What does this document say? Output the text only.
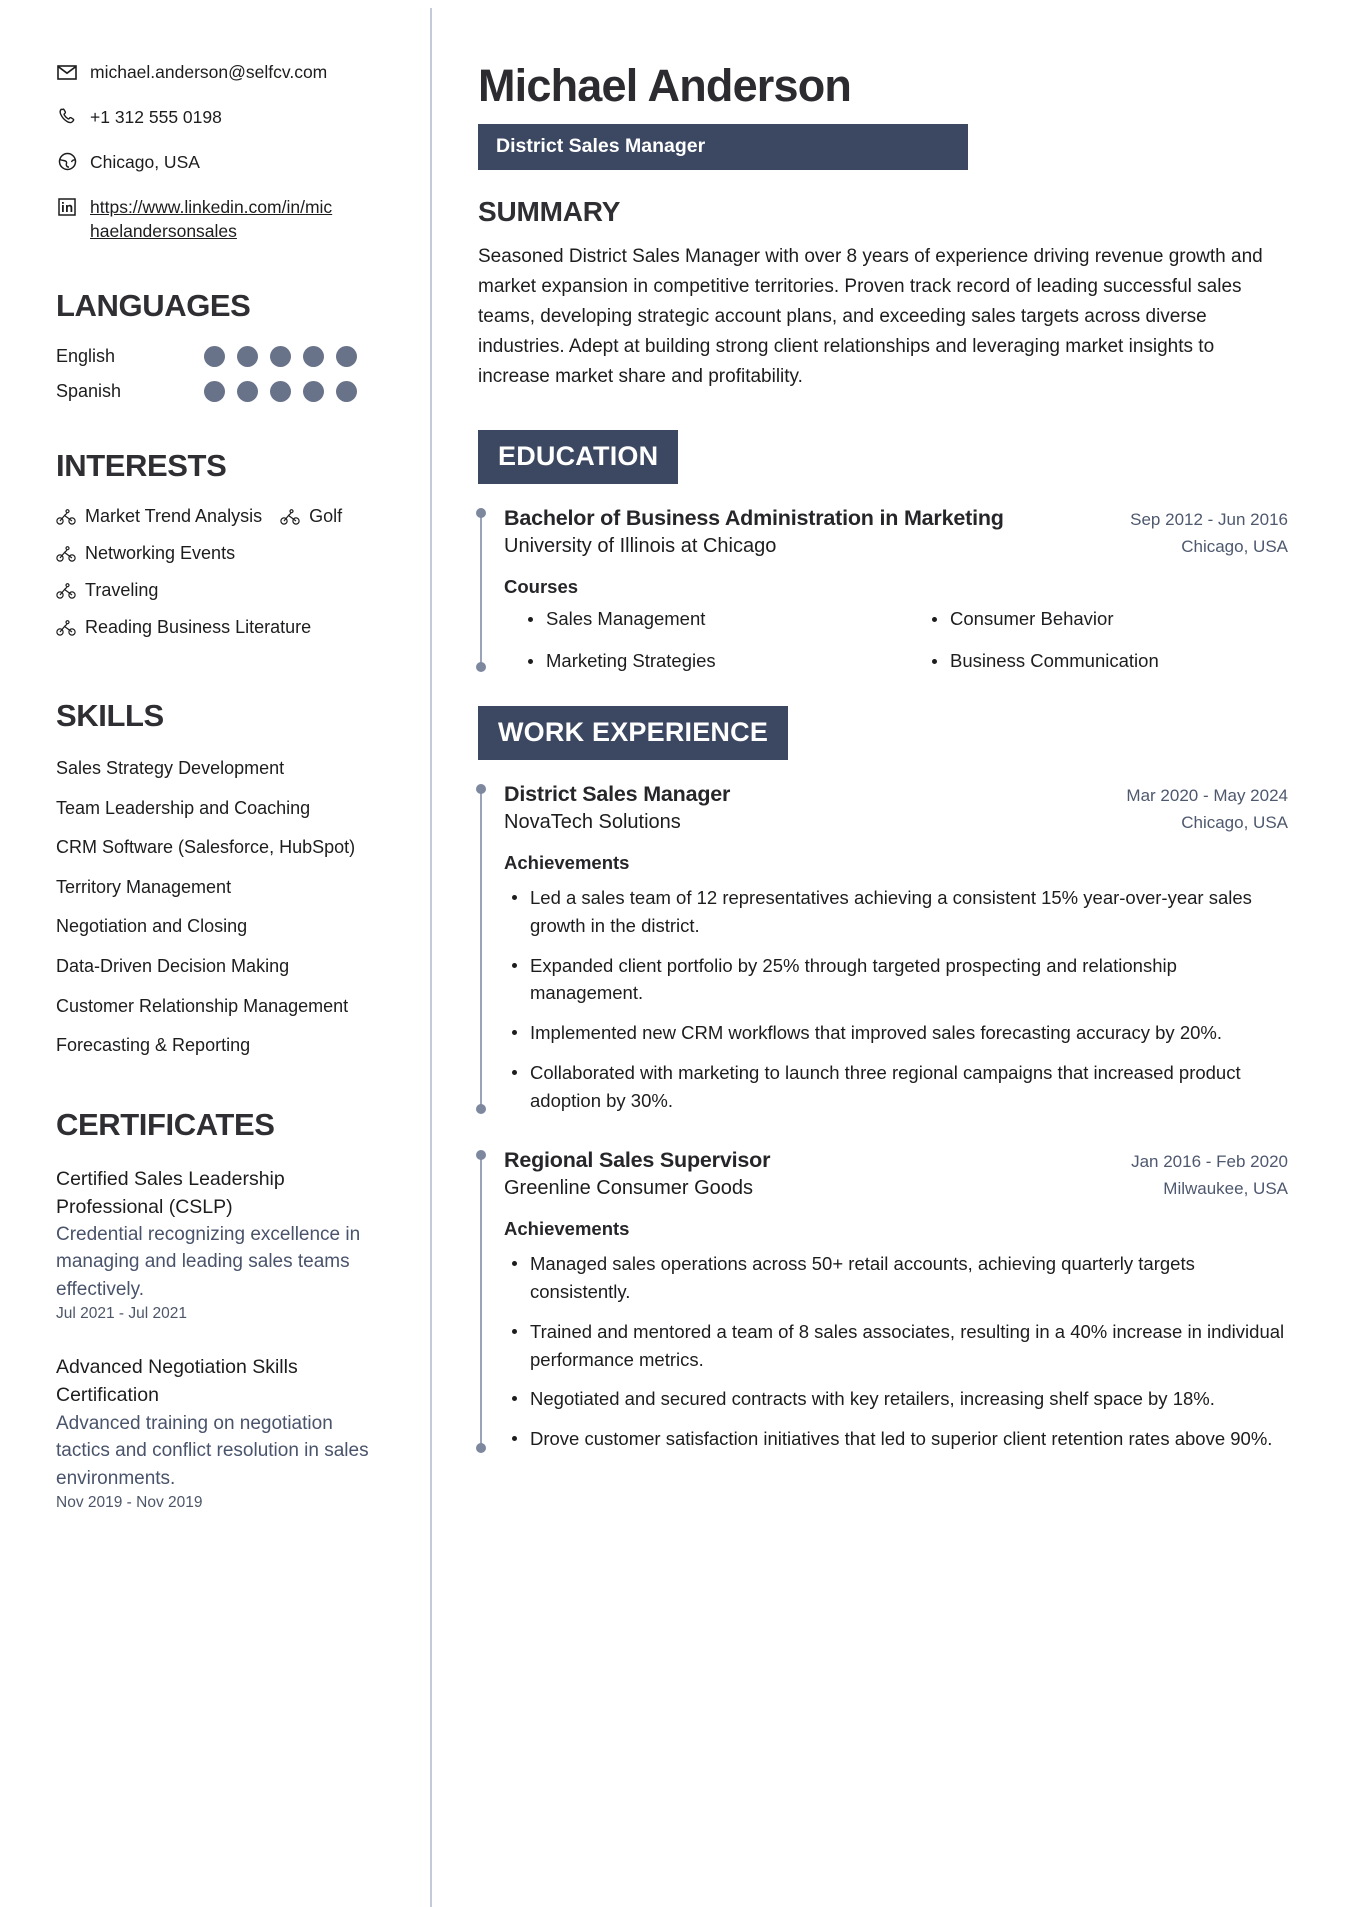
michael.anderson@selfcv.com
+1 312 555 0198
Chicago, USA
https://www.linkedin.com/in/michaelandersonsales
LANGUAGES
English
Spanish
INTERESTS
Market Trend Analysis	Golf
Networking Events
Traveling
Reading Business Literature
SKILLS
Sales Strategy Development
Team Leadership and Coaching
CRM Software (Salesforce, HubSpot)
Territory Management
Negotiation and Closing
Data-Driven Decision Making
Customer Relationship Management
Forecasting & Reporting
CERTIFICATES
Certified Sales Leadership Professional (CSLP)
Credential recognizing excellence in managing and leading sales teams effectively.
Jul 2021 - Jul 2021
Advanced Negotiation Skills Certification
Advanced training on negotiation tactics and conflict resolution in sales environments.
Nov 2019 - Nov 2019
Michael Anderson
District Sales Manager
SUMMARY

Seasoned District Sales Manager with over 8 years of experience driving revenue growth and market expansion in competitive territories. Proven track record of leading successful sales teams, developing strategic account plans, and exceeding sales targets across diverse industries. Adept at building strong client relationships and leveraging market insights to increase market share and profitability.

EDUCATION
Bachelor of Business Administration in Marketing	Sep 2012 - Jun 2016
University of Illinois at Chicago	Chicago, USA
Courses
Sales Management	Consumer Behavior
Marketing Strategies	Business Communication
WORK EXPERIENCE
District Sales Manager	Mar 2020 - May 2024
NovaTech Solutions	Chicago, USA
Achievements
Led a sales team of 12 representatives achieving a consistent 15% year-over-year sales growth in the district.
Expanded client portfolio by 25% through targeted prospecting and relationship management.
Implemented new CRM workflows that improved sales forecasting accuracy by 20%.
Collaborated with marketing to launch three regional campaigns that increased product adoption by 30%.
Regional Sales Supervisor	Jan 2016 - Feb 2020
Greenline Consumer Goods	Milwaukee, USA
Achievements
Managed sales operations across 50+ retail accounts, achieving quarterly targets consistently.
Trained and mentored a team of 8 sales associates, resulting in a 40% increase in individual performance metrics.
Negotiated and secured contracts with key retailers, increasing shelf space by 18%.
Drove customer satisfaction initiatives that led to superior client retention rates above 90%.
